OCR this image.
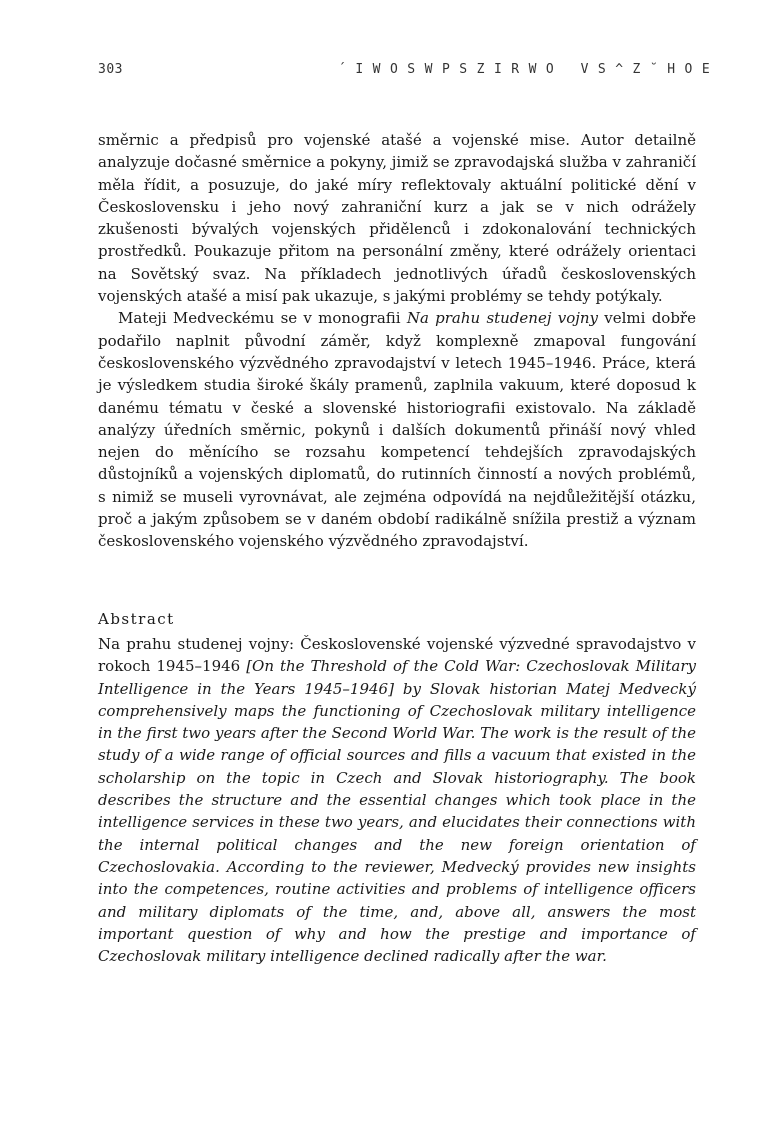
303	´IWOSWPSZIRWO VS^Z˘HOE

směrnic a předpisů pro vojenské atašé a vojenské mise. Autor detailně analyzuje dočasné směrnice a pokyny, jimiž se zpravodajská služba v zahraničí měla řídit, a posuzuje, do jaké míry reflektovaly aktuální politické dění v Československu i jeho nový zahraniční kurz a jak se v nich odrážely zkušenosti bývalých vojenských přidělenců i zdokonalování technických prostředků. Poukazuje přitom na personální změny, které odrážely orientaci na Sovětský svaz. Na příkladech jednotlivých úřadů československých vojenských atašé a misí pak ukazuje, s jakými problémy se tehdy potýkaly.

Mateji Medveckému se v monografii Na prahu studenej vojny velmi dobře podařilo naplnit původní záměr, když komplexně zmapoval fungování československého výzvědného zpravodajství v letech 1945–1946. Práce, která je výsledkem studia široké škály pramenů, zaplnila vakuum, které doposud k danému tématu v české a slovenské historiografii existovalo. Na základě analýzy úředních směrnic, pokynů i dalších dokumentů přináší nový vhled nejen do měnícího se rozsahu kompetencí tehdejších zpravodajských důstojníků a vojenských diplomatů, do rutinních činností a nových problémů, s nimiž se museli vyrovnávat, ale zejména odpovídá na nejdůležitější otázku, proč a jakým způsobem se v daném období radikálně snížila prestiž a význam československého vojenského výzvědného zpravodajství.

Abstract

Na prahu studenej vojny: Československé vojenské výzvedné spravodajstvo v rokoch 1945–1946 [On the Threshold of the Cold War: Czechoslovak Military Intelligence in the Years 1945–1946] by Slovak historian Matej Medvecký comprehensively maps the functioning of Czechoslovak military intelligence in the first two years after the Second World War. The work is the result of the study of a wide range of official sources and fills a vacuum that existed in the scholarship on the topic in Czech and Slovak historiography. The book describes the structure and the essential changes which took place in the intelligence services in these two years, and elucidates their connections with the internal political changes and the new foreign orientation of Czechoslovakia. According to the reviewer, Medvecký provides new insights into the competences, routine activities and problems of intelligence officers and military diplomats of the time, and, above all, answers the most important question of why and how the prestige and importance of Czechoslovak military intelligence declined radically after the war.
